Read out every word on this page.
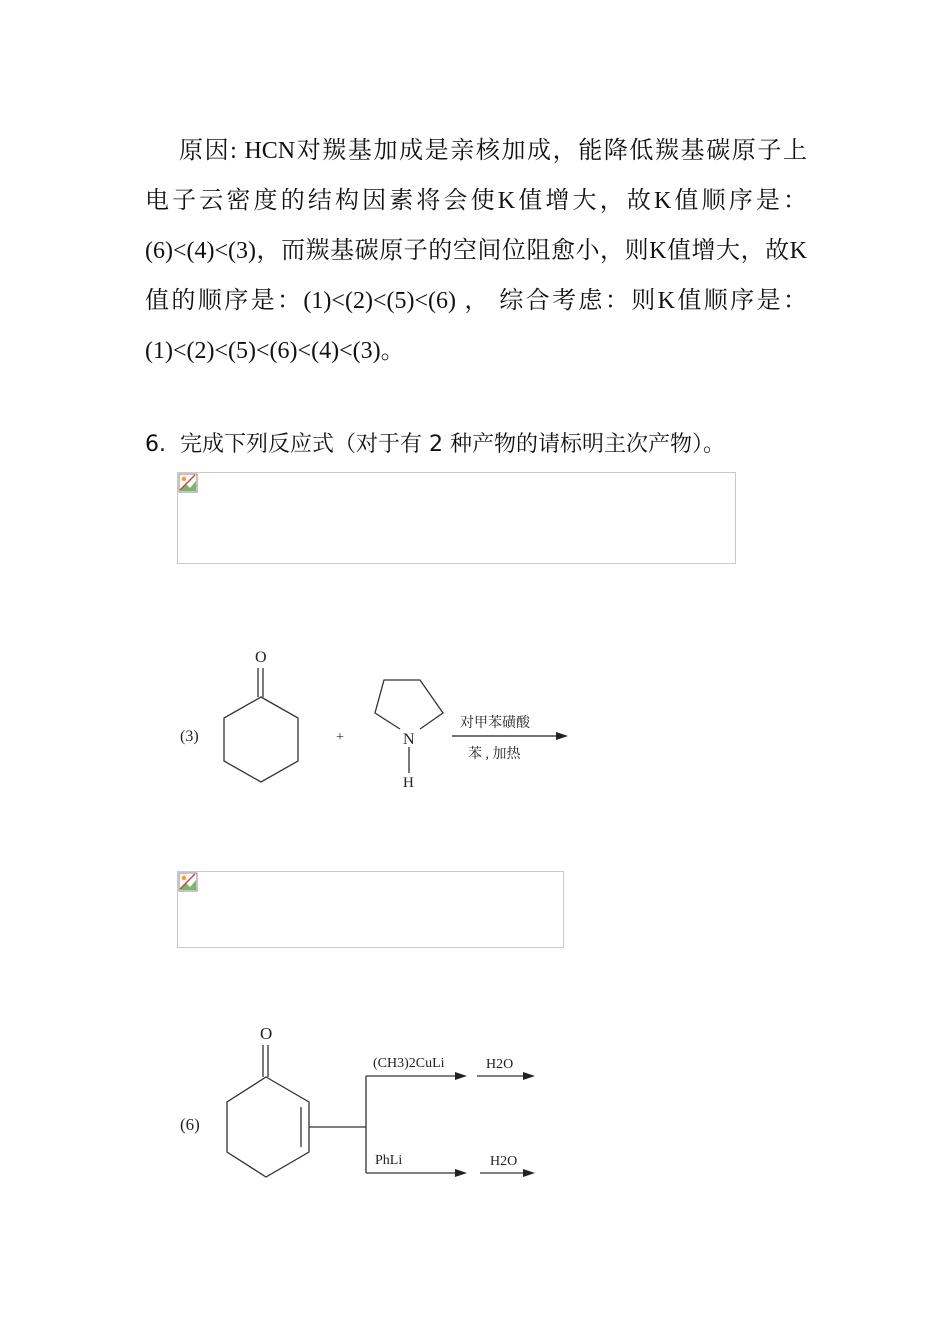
原因: HCN对羰基加成是亲核加成，能降低羰基碳原子上
电子云密度的结构因素将会使K值增大，故K值顺序是：
(6)<(4)<(3)，而羰基碳原子的空间位阻愈小，则K值增大，故K
值的顺序是：(1)<(2)<(5)<(6) ， 综合考虑：则K值顺序是：
(1)<(2)<(5)<(6)<(4)<(3)。

6. 完成下列反应式（对于有 2 种产物的请标明主次产物）。

(3)
O
+	N
H
对甲苯磺酸
苯 , 加热
(6)
O
(CH3)2CuLi	H2O
PhLi	H2O
